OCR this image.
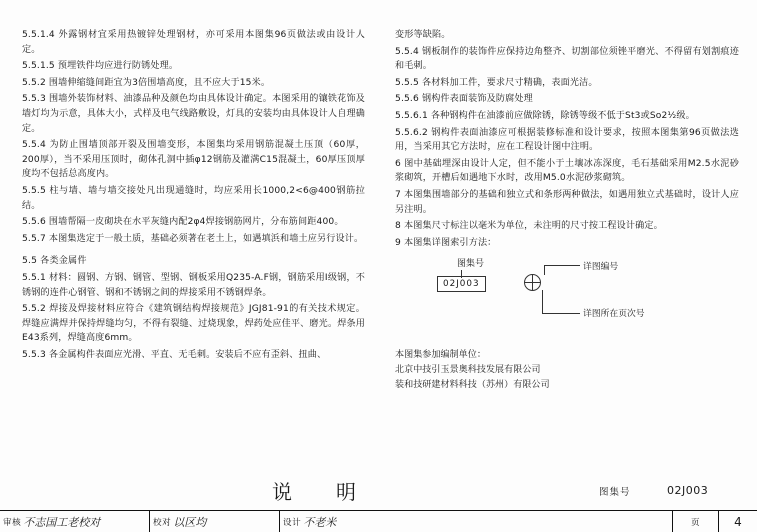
5.5.1.4 外露钢材宜采用热镀锌处理钢材，亦可采用本图集96页做法或由设计人定。

5.5.1.5 预埋铁件均应进行防锈处理。

5.5.2 围墙伸缩缝间距宜为3倍围墙高度，且不应大于15米。

5.5.3 围墙外装饰材料、油漆品种及颜色均由具体设计确定。本图采用的镶铁花饰及墙灯均为示意，具体大小，式样及电气线路敷设，灯具的安装均由具体设计人自理确定。

5.5.4 为防止围墙顶部开裂及围墙变形，本图集均采用钢筋混凝土压顶（60厚，200厚），当不采用压顶时，砌体孔洞中插φ12钢筋及灌满C15混凝土，60厚压顶厚度均不包括总高度内。

5.5.5 柱与墙、墙与墙交接处凡出现通缝时，均应采用长1000,2<6@400钢筋拉结。

5.5.6 围墙帮隔一皮砌块在水平灰缝内配2φ4焊接钢筋网片，分布筋间距400。

5.5.7 本图集选定于一般土质，基础必须著在老土上，如遇填浜和墙土应另行设计。

5.5 各类金属件

5.5.1 材料：圆钢、方钢、钢管、型钢、钢板采用Q235-A.F钢，钢筋采用I级钢，不锈钢的连件心钢管、钢和不锈钢之间的焊接采用不锈钢焊条。

5.5.2 焊接及焊接材料应符合《建筑钢结构焊接规范》JGJ81-91的有关技术规定。焊缝应满焊并保持焊缝均匀，不得有裂缝、过烧现象，焊药处应佳平、磨光。焊条用E43系列，焊缝高度6mm。

5.5.3 各金属构件表面应光滑、平直、无毛刺。安装后不应有歪斜、扭曲、

变形等缺陷。

5.5.4 钢板制作的装饰件应保持边角整齐、切割部位须锉平磨光、不得留有划割痕迹和毛刺。

5.5.5 各材料加工件，要求尺寸精确，表面光洁。

5.5.6 钢构件表面装饰及防腐处理

5.5.6.1 各种钢构件在油漆前应做除锈，除锈等级不低于St3或So2½级。

5.5.6.2 钢构件表面油漆应可根据装修标准和设计要求，按照本图集第96页做法选用，当采用其它方法时，应在工程设计图中注明。

6 图中基础埋深由设计人定，但不能小于土壤冰冻深度，毛石基础采用M2.5水泥砂浆砌筑，开槽后如遇地下水时，改用M5.0水泥砂浆砌筑。

7 本图集围墙部分的基础和独立式和条形两种做法，如遇用独立式基础时，设计人应另注明。

8 本图集尺寸标注以毫米为单位，未注明的尺寸按工程设计确定。

9 本图集详图索引方法：

图集号
02J003
详图编号
详图所在页次号
本图集参加编制单位：
北京中技引玉景奥科技发展有限公司
装和技研建材料科技（苏州）有限公司
说　明	图集号	02J003
审核 不志国工老校对	校对 以区均	设计 不老米	页	4
